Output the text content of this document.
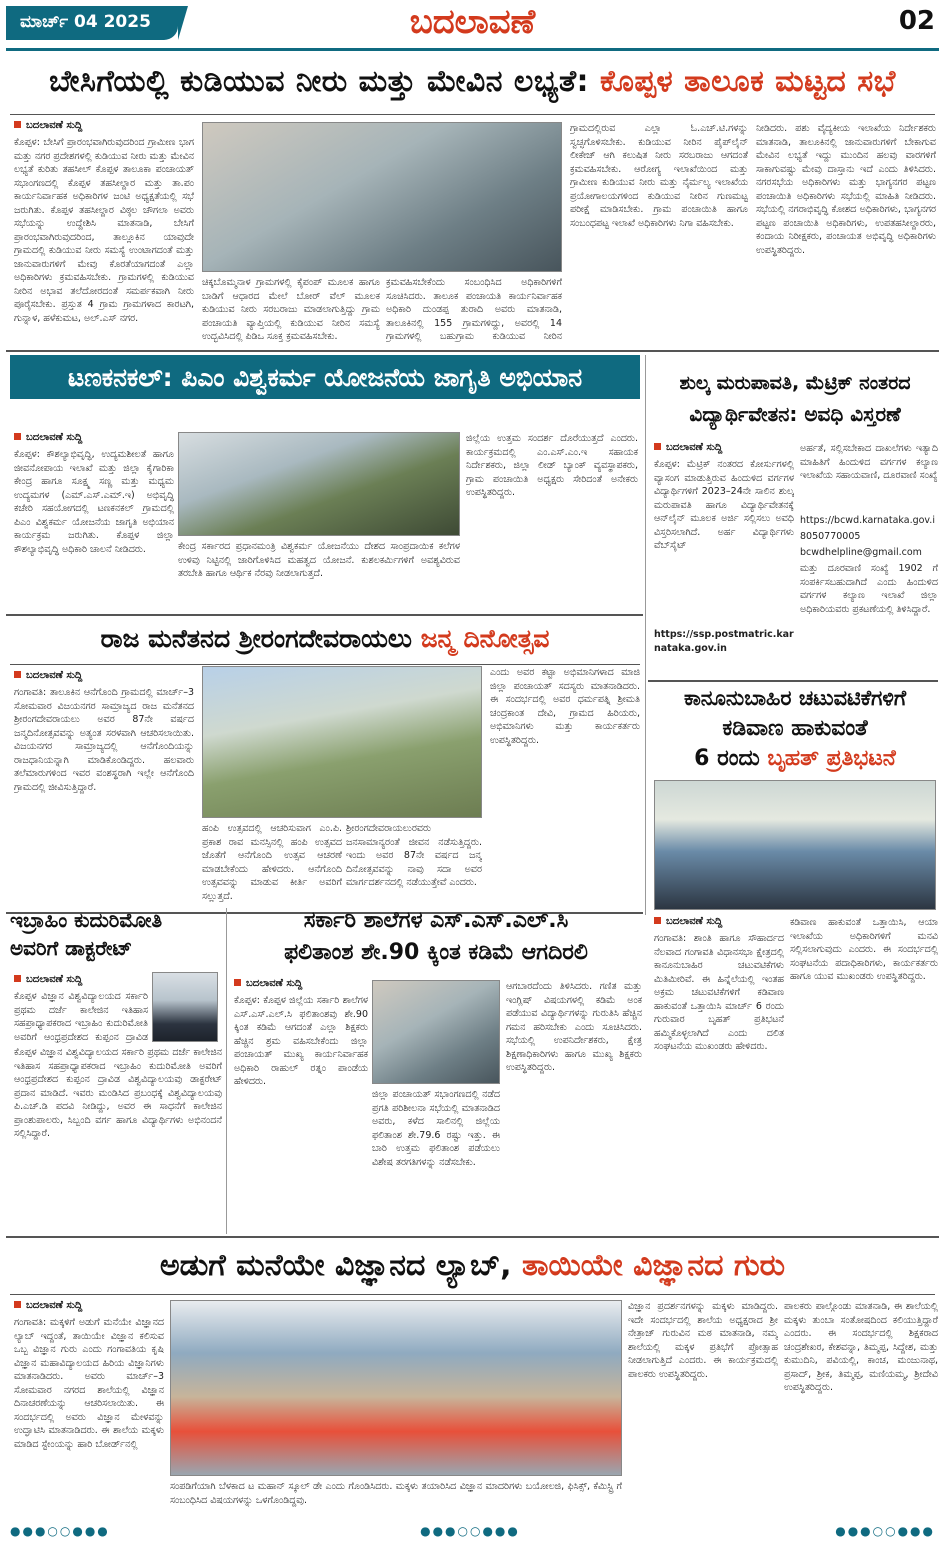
ಮಾರ್ಚ್ 04 2025	ಬದಲಾವಣೆ	02
ಬೇಸಿಗೆಯಲ್ಲಿ ಕುಡಿಯುವ ನೀರು ಮತ್ತು ಮೇವಿನ ಲಭ್ಯತೆ: ಕೊಪ್ಪಳ ತಾಲೂಕ ಮಟ್ಟದ ಸಭೆ
ಬದಲಾವಣೆ ಸುದ್ದಿ
ಕೊಪ್ಪಳ: ಬೇಸಿಗೆ ಪ್ರಾರಂಭವಾಗಿರುವುದರಿಂದ ಗ್ರಾಮೀಣ ಭಾಗ ಮತ್ತು ನಗರ ಪ್ರದೇಶಗಳಲ್ಲಿ ಕುಡಿಯುವ ನೀರು ಮತ್ತು ಮೇವಿನ ಲಭ್ಯತೆ ಕುರಿತು ತಹಸೀಲ್ ಕೊಪ್ಪಳ ತಾಲೂಕಾ ಪಂಚಾಯತ್ ಸಭಾಂಗಣದಲ್ಲಿ ಕೊಪ್ಪಳ ತಹಸೀಲ್ದಾರ ಮತ್ತು ತಾ.ಪಂ ಕಾರ್ಯನಿರ್ವಾಹಕ ಅಧಿಕಾರಿಗಳ ಜಂಟಿ ಅಧ್ಯಕ್ಷತೆಯಲ್ಲಿ ಸಭೆ ಜರುಗಿತು. ಕೊಪ್ಪಳ ತಹಸೀಲ್ದಾರ ವಿಠ್ಠಲ ಚೌಗಲಾ ಅವರು ಸಭೆಯನ್ನು ಉದ್ದೇಶಿಸಿ ಮಾತನಾಡಿ, ಬೇಸಿಗೆ ಪ್ರಾರಂಭವಾಗಿರುವುದರಿಂದ, ತಾಲ್ಲೂಕಿನ ಯಾವುದೇ ಗ್ರಾಮದಲ್ಲಿ ಕುಡಿಯುವ ನೀರು ಸಮಸ್ಯೆ ಉಂಟಾಗದಂತೆ ಮತ್ತು ಜಾನುವಾರುಗಳಿಗೆ ಮೇವು ಕೊರತೆಯಾಗದಂತೆ ಎಲ್ಲಾ ಅಧಿಕಾರಿಗಳು ಕ್ರಮವಹಿಸಬೇಕು. ಗ್ರಾಮಗಳಲ್ಲಿ ಕುಡಿಯುವ ನೀರಿನ ಅಭಾವ ತಲೆದೋರದಂತೆ ಸಮರ್ಪಕವಾಗಿ ನೀರು ಪೂರೈಸಬೇಕು. ಪ್ರಸ್ತುತ 4 ಗ್ರಾಮ ಗ್ರಾಮಗಳಾದ ಕಾರಟಗಿ, ಗುನ್ನಾಳ, ಹಳೆಕುಮಟ, ಅಲ್.ಎಸ್ ನಗರ.
ಚಿಕ್ಕಬೊಮ್ಮನಾಳ ಗ್ರಾಮಗಳಲ್ಲಿ ಕೈಪಂಪ್ ಮೂಲಕ ಹಾಗೂ ಬಾಡಿಗೆ ಆಧಾರದ ಮೇಲೆ ಬೋರ್ ವೆಲ್ ಮೂಲಕ ಕುಡಿಯುವ ನೀರು ಸರಬರಾಜು ಮಾಡಲಾಗುತ್ತಿದ್ದು ಗ್ರಾಮ ಪಂಚಾಯತಿ ವ್ಯಾಪ್ತಿಯಲ್ಲಿ ಕುಡಿಯುವ ನೀರಿನ ಸಮಸ್ಯೆ ಉದ್ಭವಿಸಿದಲ್ಲಿ ಪಿಡಿಒ ಸೂಕ್ತ ಕ್ರಮವಹಿಸಬೇಕು.
ಕ್ರಮವಹಿಸಬೇಕೆಂದು ಸಂಬಂಧಿಸಿದ ಅಧಿಕಾರಿಗಳಿಗೆ ಸೂಚಿಸಿದರು. ತಾಲೂಕ ಪಂಚಾಯತಿ ಕಾರ್ಯನಿರ್ವಾಹಕ ಅಧಿಕಾರಿ ದುಂಡಪ್ಪ ತುರಾದಿ ಅವರು ಮಾತನಾಡಿ, ತಾಲೂಕಿನಲ್ಲಿ 155 ಗ್ರಾಮಗಳಿದ್ದು, ಅವರಲ್ಲಿ 14 ಗ್ರಾಮಗಳಲ್ಲಿ ಬಹುಗ್ರಾಮ ಕುಡಿಯುವ ನೀರಿನ
ಗ್ರಾಮದಲ್ಲಿರುವ ಎಲ್ಲಾ ಓ.ಎಚ್.ಟಿ.ಗಳನ್ನು ಸ್ವಚ್ಛಗೊಳಿಸಬೇಕು. ಕುಡಿಯುವ ನೀರಿನ ಪೈಪ್‌ಲೈನ್ ಲೀಕೇಜ್ ಆಗಿ ಕಲುಷಿತ ನೀರು ಸರಬರಾಜು ಆಗದಂತೆ ಕ್ರಮವಹಿಸಬೇಕು. ಆರೋಗ್ಯ ಇಲಾಖೆಯಿಂದ ಮತ್ತು ಗ್ರಾಮೀಣ ಕುಡಿಯುವ ನೀರು ಮತ್ತು ನೈರ್ಮಲ್ಯ ಇಲಾಖೆಯ ಪ್ರಯೋಗಾಲಯಗಳಿಂದ ಕುಡಿಯುವ ನೀರಿನ ಗುಣಮಟ್ಟ ಪರೀಕ್ಷೆ ಮಾಡಿಸಬೇಕು. ಗ್ರಾಮ ಪಂಚಾಯಿತಿ ಹಾಗೂ ಸಂಬಂಧಪಟ್ಟ ಇಲಾಖೆ ಅಧಿಕಾರಿಗಳು ನಿಗಾ ವಹಿಸಬೇಕು.
ನೀಡಿದರು. ಪಶು ವೈದ್ಯಕೀಯ ಇಲಾಖೆಯ ನಿರ್ದೇಶಕರು ಮಾತನಾಡಿ, ತಾಲೂಕಿನಲ್ಲಿ ಜಾನುವಾರುಗಳಿಗೆ ಬೇಕಾಗುವ ಮೇವಿನ ಲಭ್ಯತೆ ಇದ್ದು ಮುಂದಿನ ಹಲವು ವಾರಗಳಿಗೆ ಸಾಕಾಗುವಷ್ಟು ಮೇವು ದಾಸ್ತಾನು ಇದೆ ಎಂದು ತಿಳಿಸಿದರು. ನಗರಸಭೆಯ ಅಧಿಕಾರಿಗಳು ಮತ್ತು ಭಾಗ್ಯನಗರ ಪಟ್ಟಣ ಪಂಚಾಯಿತಿ ಅಧಿಕಾರಿಗಳು ಸಭೆಯಲ್ಲಿ ಮಾಹಿತಿ ನೀಡಿದರು. ಸಭೆಯಲ್ಲಿ ನಗರಾಭಿವೃದ್ಧಿ ಕೋಶದ ಅಧಿಕಾರಿಗಳು, ಭಾಗ್ಯನಗರ ಪಟ್ಟಣ ಪಂಚಾಯಿತಿ ಅಧಿಕಾರಿಗಳು, ಉಪತಹಸೀಲ್ದಾರರು, ಕಂದಾಯ ನಿರೀಕ್ಷಕರು, ಪಂಚಾಯತ ಅಭಿವೃದ್ಧಿ ಅಧಿಕಾರಿಗಳು ಉಪಸ್ಥಿತರಿದ್ದರು.
ಟಣಕನಕಲ್: ಪಿಎಂ ವಿಶ್ವಕರ್ಮ ಯೋಜನೆಯ ಜಾಗೃತಿ ಅಭಿಯಾನ
ಬದಲಾವಣೆ ಸುದ್ದಿ
ಕೊಪ್ಪಳ: ಕೌಶಲ್ಯಾಭಿವೃದ್ಧಿ, ಉದ್ಯಮಶೀಲತೆ ಹಾಗೂ ಜೀವನೋಪಾಯ ಇಲಾಖೆ ಮತ್ತು ಜಿಲ್ಲಾ ಕೈಗಾರಿಕಾ ಕೇಂದ್ರ ಹಾಗೂ ಸೂಕ್ಷ್ಮ ಸಣ್ಣ ಮತ್ತು ಮಧ್ಯಮ ಉದ್ಯಮಗಳ (ಎಮ್.ಎಸ್.ಎಮ್.ಇ) ಅಭಿವೃದ್ಧಿ ಕಚೇರಿ ಸಹಯೋಗದಲ್ಲಿ ಟಣಕನಕಲ್ ಗ್ರಾಮದಲ್ಲಿ ಪಿಎಂ ವಿಶ್ವಕರ್ಮ ಯೋಜನೆಯ ಜಾಗೃತಿ ಅಭಿಯಾನ ಕಾರ್ಯಕ್ರಮ ಜರುಗಿತು. ಕೊಪ್ಪಳ ಜಿಲ್ಲಾ ಕೌಶಲ್ಯಾಭಿವೃದ್ಧಿ ಅಧಿಕಾರಿ ಚಾಲನೆ ನೀಡಿದರು.	ಕೇಂದ್ರ ಸರ್ಕಾರದ ಪ್ರಧಾನಮಂತ್ರಿ ವಿಶ್ವಕರ್ಮ ಯೋಜನೆಯು ದೇಶದ ಸಾಂಪ್ರದಾಯಿಕ ಕಲೆಗಳ ಉಳಿವು ನಿಟ್ಟಿನಲ್ಲಿ ಜಾರಿಗೊಳಿಸಿದ ಮಹತ್ವದ ಯೋಜನೆ. ಕುಶಲಕರ್ಮಿಗಳಿಗೆ ಅವಶ್ಯವಿರುವ ತರಬೇತಿ ಹಾಗೂ ಆರ್ಥಿಕ ನೆರವು ನೀಡಲಾಗುತ್ತದೆ.
ಜಿಲ್ಲೆಯ ಉತ್ತಮ ಸಂದರ್ಶ ದೊರೆಯುತ್ತದೆ ಎಂದರು. ಕಾರ್ಯಕ್ರಮದಲ್ಲಿ ಎಂ.ಎಸ್.ಎಂ.ಇ ಸಹಾಯಕ ನಿರ್ದೇಶಕರು, ಜಿಲ್ಲಾ ಲೀಡ್ ಬ್ಯಾಂಕ್ ವ್ಯವಸ್ಥಾಪಕರು, ಗ್ರಾಮ ಪಂಚಾಯಿತಿ ಅಧ್ಯಕ್ಷರು ಸೇರಿದಂತೆ ಅನೇಕರು ಉಪಸ್ಥಿತರಿದ್ದರು.
ಶುಲ್ಕ ಮರುಪಾವತಿ, ಮೆಟ್ರಿಕ್ ನಂತರದ
ವಿದ್ಯಾರ್ಥಿವೇತನ: ಅವಧಿ ವಿಸ್ತರಣೆ
ಬದಲಾವಣೆ ಸುದ್ದಿ
ಕೊಪ್ಪಳ: ಮೆಟ್ರಿಕ್ ನಂತರದ ಕೋರ್ಸುಗಳಲ್ಲಿ ವ್ಯಾಸಂಗ ಮಾಡುತ್ತಿರುವ ಹಿಂದುಳಿದ ವರ್ಗಗಳ ವಿದ್ಯಾರ್ಥಿಗಳಿಗೆ 2023–24ನೇ ಸಾಲಿನ ಶುಲ್ಕ ಮರುಪಾವತಿ ಹಾಗೂ ವಿದ್ಯಾರ್ಥಿವೇತನಕ್ಕೆ ಆನ್‌ಲೈನ್ ಮೂಲಕ ಅರ್ಜಿ ಸಲ್ಲಿಸಲು ಅವಧಿ ವಿಸ್ತರಿಸಲಾಗಿದೆ. ಅರ್ಹ ವಿದ್ಯಾರ್ಥಿಗಳು ವೆಬ್‌ಸೈಟ್
https://ssp.postmatric.karnataka.gov.in
ಅರ್ಹತೆ, ಸಲ್ಲಿಸಬೇಕಾದ ದಾಖಲೆಗಳು ಇತ್ಯಾದಿ ಮಾಹಿತಿಗೆ ಹಿಂದುಳಿದ ವರ್ಗಗಳ ಕಲ್ಯಾಣ ಇಲಾಖೆಯ ಸಹಾಯವಾಣಿ, ದೂರವಾಣಿ ಸಂಖ್ಯೆ
https://bcwd.karnataka.gov.i
8050770005
bcwdhelpline@gmail.com
ಮತ್ತು ದೂರವಾಣಿ ಸಂಖ್ಯೆ 1902 ಗೆ ಸಂಪರ್ಕಿಸಬಹುದಾಗಿದೆ ಎಂದು ಹಿಂದುಳಿದ ವರ್ಗಗಳ ಕಲ್ಯಾಣ ಇಲಾಖೆ ಜಿಲ್ಲಾ ಅಧಿಕಾರಿಯವರು ಪ್ರಕಟಣೆಯಲ್ಲಿ ತಿಳಿಸಿದ್ದಾರೆ.
ರಾಜ ಮನೆತನದ ಶ್ರೀರಂಗದೇವರಾಯಲು ಜನ್ಮ ದಿನೋತ್ಸವ
ಬದಲಾವಣೆ ಸುದ್ದಿ
ಗಂಗಾವತಿ: ತಾಲೂಕಿನ ಆನೆಗೊಂದಿ ಗ್ರಾಮದಲ್ಲಿ ಮಾರ್ಚ್–3 ಸೋಮವಾರ ವಿಜಯನಗರ ಸಾಮ್ರಾಜ್ಯದ ರಾಜ ಮನೆತನದ ಶ್ರೀರಂಗದೇವರಾಯಲು ಅವರ 87ನೇ ವರ್ಷದ ಜನ್ಮದಿನೋತ್ಸವವನ್ನು ಅತ್ಯಂತ ಸರಳವಾಗಿ ಆಚರಿಸಲಾಯಿತು. ವಿಜಯನಗರ ಸಾಮ್ರಾಜ್ಯದಲ್ಲಿ ಆನೆಗೊಂದಿಯನ್ನು ರಾಜಧಾನಿಯನ್ನಾಗಿ ಮಾಡಿಕೊಂಡಿದ್ದರು. ಹಲವಾರು ತಲೆಮಾರುಗಳಿಂದ ಇವರ ವಂಶಸ್ಥರಾಗಿ ಇಲ್ಲೇ ಆನೆಗೊಂದಿ ಗ್ರಾಮದಲ್ಲಿ ಜೀವಿಸುತ್ತಿದ್ದಾರೆ.
ಹಂಪಿ ಉತ್ಸವದಲ್ಲಿ ಆಚರಿಸುವಾಗ ಎಂ.ಪಿ. ಪ್ರಕಾಶ ರಾವ ಮನಸ್ಸಿನಲ್ಲಿ ಹಂಪಿ ಉತ್ಸವದ ಜೊತೆಗೆ ಆನೆಗೊಂದಿ ಉತ್ಸವ ಆಚರಣೆ ಮಾಡಬೇಕೆಂದು ಹೇಳಿದರು. ಆನೆಗೊಂದಿ ಉತ್ಸವವನ್ನು ಮಾಡುವ ಕೀರ್ತಿ ಅವರಿಗೆ ಸಲ್ಲುತ್ತದೆ.
ಶ್ರೀರಂಗದೇವರಾಯಲುರವರು ಜನಸಾಮಾನ್ಯರಂತೆ ಜೀವನ ನಡೆಸುತ್ತಿದ್ದರು. ಇಂದು ಅವರ 87ನೇ ವರ್ಷದ ಜನ್ಮ ದಿನೋತ್ಸವವನ್ನು ನಾವು ಸದಾ ಅವರ ಮಾರ್ಗದರ್ಶನದಲ್ಲಿ ನಡೆಯುತ್ತೇವೆ ಎಂದರು.
ಎಂದು ಅವರ ಕಟ್ಟಾ ಅಭಿಮಾನಿಗಳಾದ ಮಾಜಿ ಜಿಲ್ಲಾ ಪಂಚಾಯತ್ ಸದಸ್ಯರು ಮಾತನಾಡಿದರು. ಈ ಸಂದರ್ಭದಲ್ಲಿ ಅವರ ಧರ್ಮಪತ್ನಿ ಶ್ರೀಮತಿ ಚಂದ್ರಕಾಂತ ದೇವಿ, ಗ್ರಾಮದ ಹಿರಿಯರು, ಅಭಿಮಾನಿಗಳು ಮತ್ತು ಕಾರ್ಯಕರ್ತರು ಉಪಸ್ಥಿತರಿದ್ದರು.
ಕಾನೂನುಬಾಹಿರ ಚಟುವಟಿಕೆಗಳಿಗೆ
ಕಡಿವಾಣ ಹಾಕುವಂತೆ
6 ರಂದು ಬೃಹತ್ ಪ್ರತಿಭಟನೆ
ಬದಲಾವಣೆ ಸುದ್ದಿ
ಗಂಗಾವತಿ: ಶಾಂತಿ ಹಾಗೂ ಸೌಹಾರ್ದದ ನೆಲವಾದ ಗಂಗಾವತಿ ವಿಧಾನಸಭಾ ಕ್ಷೇತ್ರದಲ್ಲಿ ಕಾನೂನುಬಾಹಿರ ಚಟುವಟಿಕೆಗಳು ಮಿತಿಮೀರಿವೆ. ಈ ಹಿನ್ನೆಲೆಯಲ್ಲಿ ಇಂತಹ ಅಕ್ರಮ ಚಟುವಟಿಕೆಗಳಿಗೆ ಕಡಿವಾಣ ಹಾಕುವಂತೆ ಒತ್ತಾಯಿಸಿ ಮಾರ್ಚ್ 6 ರಂದು ಗುರುವಾರ ಬೃಹತ್ ಪ್ರತಿಭಟನೆ ಹಮ್ಮಿಕೊಳ್ಳಲಾಗಿದೆ ಎಂದು ದಲಿತ ಸಂಘಟನೆಯ ಮುಖಂಡರು ಹೇಳಿದರು.
ಕಡಿವಾಣ ಹಾಕುವಂತೆ ಒತ್ತಾಯಿಸಿ, ಆಯಾ ಇಲಾಖೆಯ ಅಧಿಕಾರಿಗಳಿಗೆ ಮನವಿ ಸಲ್ಲಿಸಲಾಗುವುದು ಎಂದರು. ಈ ಸಂದರ್ಭದಲ್ಲಿ ಸಂಘಟನೆಯ ಪದಾಧಿಕಾರಿಗಳು, ಕಾರ್ಯಕರ್ತರು ಹಾಗೂ ಯುವ ಮುಖಂಡರು ಉಪಸ್ಥಿತರಿದ್ದರು.
ಇಬ್ರಾಹಿಂ ಕುದುರಿಮೋತಿ
ಅವರಿಗೆ ಡಾಕ್ಟರೇಟ್
ಬದಲಾವಣೆ ಸುದ್ದಿ
ಕೊಪ್ಪಳ ವಿಜ್ಞಾನ ವಿಶ್ವವಿದ್ಯಾಲಯದ ಸರ್ಕಾರಿ ಪ್ರಥಮ ದರ್ಜೆ ಕಾಲೇಜಿನ ಇತಿಹಾಸ ಸಹಪ್ರಾಧ್ಯಾಪಕರಾದ ಇಬ್ರಾಹಿಂ ಕುದುರಿಮೋತಿ ಅವರಿಗೆ ಆಂಧ್ರಪ್ರದೇಶದ ಕುಪ್ಪಂನ ದ್ರಾವಿಡ
ಕೊಪ್ಪಳ ವಿಜ್ಞಾನ ವಿಶ್ವವಿದ್ಯಾಲಯದ ಸರ್ಕಾರಿ ಪ್ರಥಮ ದರ್ಜೆ ಕಾಲೇಜಿನ ಇತಿಹಾಸ ಸಹಪ್ರಾಧ್ಯಾಪಕರಾದ ಇಬ್ರಾಹಿಂ ಕುದುರಿಮೋತಿ ಅವರಿಗೆ ಆಂಧ್ರಪ್ರದೇಶದ ಕುಪ್ಪಂನ ದ್ರಾವಿಡ ವಿಶ್ವವಿದ್ಯಾಲಯವು ಡಾಕ್ಟರೇಟ್ ಪ್ರದಾನ ಮಾಡಿದೆ. ಇವರು ಮಂಡಿಸಿದ ಪ್ರಬಂಧಕ್ಕೆ ವಿಶ್ವವಿದ್ಯಾಲಯವು ಪಿ.ಎಚ್.ಡಿ ಪದವಿ ನೀಡಿದ್ದು, ಅವರ ಈ ಸಾಧನೆಗೆ ಕಾಲೇಜಿನ ಪ್ರಾಂಶುಪಾಲರು, ಸಿಬ್ಬಂದಿ ವರ್ಗ ಹಾಗೂ ವಿದ್ಯಾರ್ಥಿಗಳು ಅಭಿನಂದನೆ ಸಲ್ಲಿಸಿದ್ದಾರೆ.
ಸರ್ಕಾರಿ ಶಾಲೆಗಳ ಎಸ್.ಎಸ್.ಎಲ್.ಸಿ
ಫಲಿತಾಂಶ ಶೇ.90 ಕ್ಕಿಂತ ಕಡಿಮೆ ಆಗದಿರಲಿ
ಬದಲಾವಣೆ ಸುದ್ದಿ
ಕೊಪ್ಪಳ: ಕೊಪ್ಪಳ ಜಿಲ್ಲೆಯ ಸರ್ಕಾರಿ ಶಾಲೆಗಳ ಎಸ್.ಎಸ್.ಎಲ್.ಸಿ ಫಲಿತಾಂಶವು ಶೇ.90 ಕ್ಕಿಂತ ಕಡಿಮೆ ಆಗದಂತೆ ಎಲ್ಲಾ ಶಿಕ್ಷಕರು ಹೆಚ್ಚಿನ ಶ್ರಮ ವಹಿಸಬೇಕೆಂದು ಜಿಲ್ಲಾ ಪಂಚಾಯತ್ ಮುಖ್ಯ ಕಾರ್ಯನಿರ್ವಾಹಕ ಅಧಿಕಾರಿ ರಾಹುಲ್ ರತ್ನಂ ಪಾಂಡೆಯ ಹೇಳಿದರು.
ಜಿಲ್ಲಾ ಪಂಚಾಯತ್ ಸಭಾಂಗಣದಲ್ಲಿ ನಡೆದ ಪ್ರಗತಿ ಪರಿಶೀಲನಾ ಸಭೆಯಲ್ಲಿ ಮಾತನಾಡಿದ ಅವರು, ಕಳೆದ ಸಾಲಿನಲ್ಲಿ ಜಿಲ್ಲೆಯ ಫಲಿತಾಂಶ ಶೇ.79.6 ರಷ್ಟು ಇತ್ತು. ಈ ಬಾರಿ ಉತ್ತಮ ಫಲಿತಾಂಶ ಪಡೆಯಲು ವಿಶೇಷ ತರಗತಿಗಳನ್ನು ನಡೆಸಬೇಕು.
ಆಗಬಾರದೆಂದು ತಿಳಿಸಿದರು. ಗಣಿತ ಮತ್ತು ಇಂಗ್ಲಿಷ್ ವಿಷಯಗಳಲ್ಲಿ ಕಡಿಮೆ ಅಂಕ ಪಡೆಯುವ ವಿದ್ಯಾರ್ಥಿಗಳನ್ನು ಗುರುತಿಸಿ ಹೆಚ್ಚಿನ ಗಮನ ಹರಿಸಬೇಕು ಎಂದು ಸೂಚಿಸಿದರು. ಸಭೆಯಲ್ಲಿ ಉಪನಿರ್ದೇಶಕರು, ಕ್ಷೇತ್ರ ಶಿಕ್ಷಣಾಧಿಕಾರಿಗಳು ಹಾಗೂ ಮುಖ್ಯ ಶಿಕ್ಷಕರು ಉಪಸ್ಥಿತರಿದ್ದರು.
ಅಡುಗೆ ಮನೆಯೇ ವಿಜ್ಞಾನದ ಲ್ಯಾಬ್, ತಾಯಿಯೇ ವಿಜ್ಞಾನದ ಗುರು
ಬದಲಾವಣೆ ಸುದ್ದಿ
ಗಂಗಾವತಿ: ಮಕ್ಕಳಿಗೆ ಅಡುಗೆ ಮನೆಯೇ ವಿಜ್ಞಾನದ ಲ್ಯಾಬ್ ಇದ್ದಂತೆ, ತಾಯಿಯೇ ವಿಜ್ಞಾನ ಕಲಿಸುವ ಒಬ್ಬ ವಿಜ್ಞಾನ ಗುರು ಎಂದು ಗಂಗಾವತಿಯ ಕೃಷಿ ವಿಜ್ಞಾನ ಮಹಾವಿದ್ಯಾಲಯದ ಹಿರಿಯ ವಿಜ್ಞಾನಿಗಳು ಮಾತನಾಡಿದರು. ಅವರು ಮಾರ್ಚ್–3 ಸೋಮವಾರ ನಗರದ ಶಾಲೆಯಲ್ಲಿ ವಿಜ್ಞಾನ ದಿನಾಚರಣೆಯನ್ನು ಆಚರಿಸಲಾಯಿತು. ಈ ಸಂದರ್ಭದಲ್ಲಿ ಅವರು ವಿಜ್ಞಾನ ಮೇಳವನ್ನು ಉದ್ಘಾಟಿಸಿ ಮಾತನಾಡಿದರು. ಈ ಶಾಲೆಯ ಮಕ್ಕಳು ಮಾಡಿದ ಸ್ಟೇಂಯನ್ನು ಹಾರಿ ಬೋರ್ಡ್‌ನಲ್ಲಿ
ಸಂಪಡಿಗೆಯಾಗಿ ಬೆಳಕಾದ ಟ ಮಹಾನ್ ಸ್ಕೂಲ್ ಡೇ ಎಂದು ಗೊಂಡಿಸಿದರು. ಮಕ್ಕಳು ತಯಾರಿಸಿದ ವಿಜ್ಞಾನ ಮಾದರಿಗಳು ಬಯೋಲಜಿ, ಫಿಸಿಕ್ಸ್, ಕೆಮಿಸ್ಟ್ರಿ ಗೆ ಸಂಬಂಧಿಸಿದ ವಿಷಯಗಳನ್ನು ಒಳಗೊಂಡಿದ್ದವು.
ವಿಜ್ಞಾನ ಪ್ರದರ್ಶನಗಳನ್ನು ಮಕ್ಕಳು ಮಾಡಿದ್ದರು. ಇದೇ ಸಂದರ್ಭದಲ್ಲಿ ಶಾಲೆಯ ಅಧ್ಯಕ್ಷರಾದ ಶ್ರೀ ನೇತ್ರಾಜ್ ಗುರುವಿನ ಮಠ ಮಾತನಾಡಿ, ನಮ್ಮ ಶಾಲೆಯಲ್ಲಿ ಮಕ್ಕಳ ಪ್ರತಿಭೆಗೆ ಪ್ರೋತ್ಸಾಹ ನೀಡಲಾಗುತ್ತಿದೆ ಎಂದರು. ಈ ಕಾರ್ಯಕ್ರಮದಲ್ಲಿ ಪಾಲಕರು ಉಪಸ್ಥಿತರಿದ್ದರು.
ಪಾಲಕರು ಪಾಲ್ಗೊಂಡು ಮಾತನಾಡಿ, ಈ ಶಾಲೆಯಲ್ಲಿ ಮಕ್ಕಳು ತುಂಬಾ ಸಂತೋಷದಿಂದ ಕಲಿಯುತ್ತಿದ್ದಾರೆ ಎಂದರು. ಈ ಸಂದರ್ಭದಲ್ಲಿ ಶಿಕ್ಷಕರಾದ ಚಂದ್ರಶೇಖರ, ಕೇಶವನ್ನಾ, ತಿಮ್ಮಪ್ಪ, ಸಿದ್ದೇಶ, ಮತ್ತು ಕುಮುದಿನಿ, ಪವಿಯಲ್ಲಿ, ಕಾಂಚ, ಮಂಜುನಾಥ, ಪ್ರಸಾದ್, ಶ್ರೀಕ, ತಿಮ್ಮಪ್ಪ, ಮಣಿಯಮ್ಮ, ಶ್ರೀದೇವಿ ಉಪಸ್ಥಿತರಿದ್ದರು.
●●●○○●●●	●●●○○●●●	●●●○○●●●
